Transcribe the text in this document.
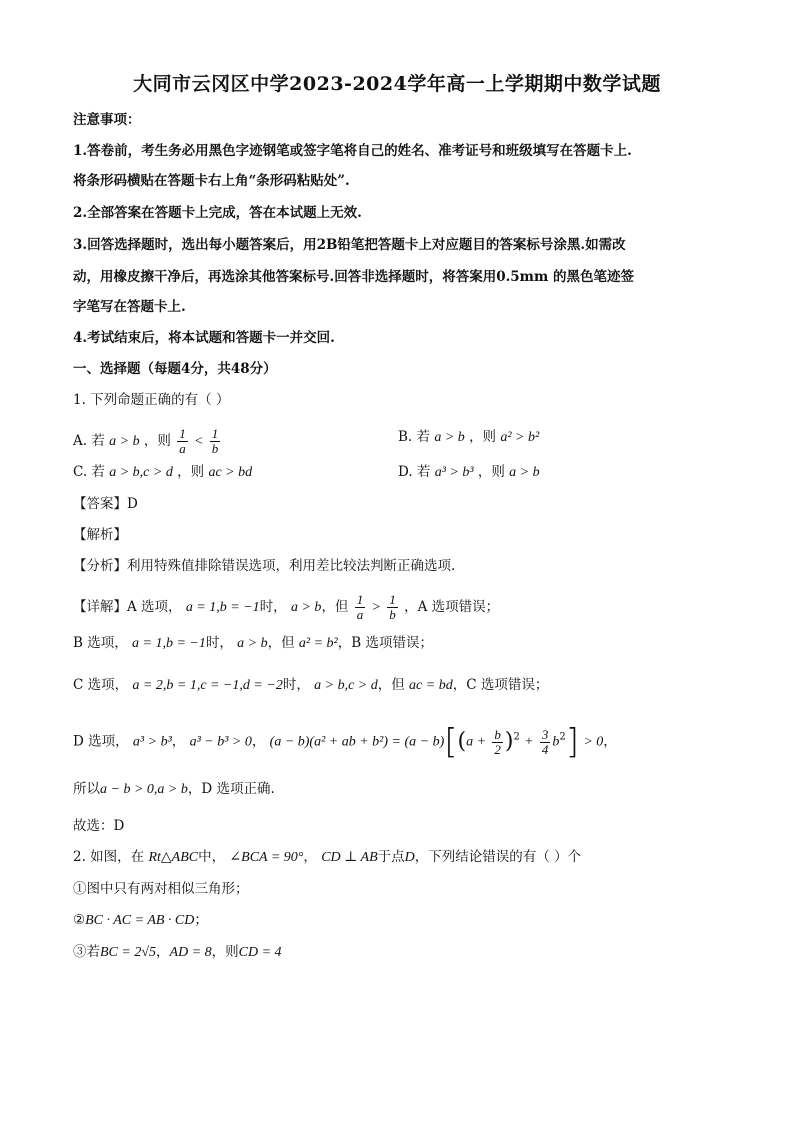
大同市云冈区中学2023-2024学年高一上学期期中数学试题
注意事项：
1.答卷前，考生务必用黑色字迹钢笔或签字笔将自己的姓名、准考证号和班级填写在答题卡上.
将条形码横贴在答题卡右上角“条形码粘贴处”.
2.全部答案在答题卡上完成，答在本试题上无效.
3.回答选择题时，选出每小题答案后，用2B铅笔把答题卡上对应题目的答案标号涂黑.如需改
动，用橡皮擦干净后，再选涂其他答案标号.回答非选择题时，将答案用0.5mm 的黑色笔迹签
字笔写在答题卡上.
4.考试结束后，将本试题和答题卡一并交回.
一、选择题（每题4分，共48分）
1. 下列命题正确的有（ ）
A. 若 a > b ，则 $\frac{1}{a} < \frac{1}{b}$	B. 若 a > b ，则 a² > b²
C. 若 a > b,c > d ，则 ac > bd	D. 若 a³ > b³ ，则 a > b
【答案】D
【解析】
【分析】利用特殊值排除错误选项，利用差比较法判断正确选项.
【详解】A 选项， a = 1,b = −1时， a > b，但 $\frac{1}{a} > \frac{1}{b}$ ，A 选项错误；
B 选项， a = 1,b = −1时， a > b，但 a² = b²，B 选项错误；
C 选项， a = 2,b = 1,c = −1,d = −2时， a > b,c > d，但 ac = bd，C 选项错误；
D 选项， a³ > b³， a³ − b³ > 0， (a − b)(a² + ab + $b^2) = (a - b)[(a + \frac{b}{2} )^2 + \frac{3}{4} b^2] > 0$，
所以a − b > 0,a > b，D 选项正确.
故选：D
2. 如图，在 Rt△ABC中， ∠BCA = 90°， CD ⊥ AB于点D，下列结论错误的有（ ）个
①图中只有两对相似三角形；
②BC · AC = AB · CD；
③若BC = 2√5，AD = 8，则CD = 4
